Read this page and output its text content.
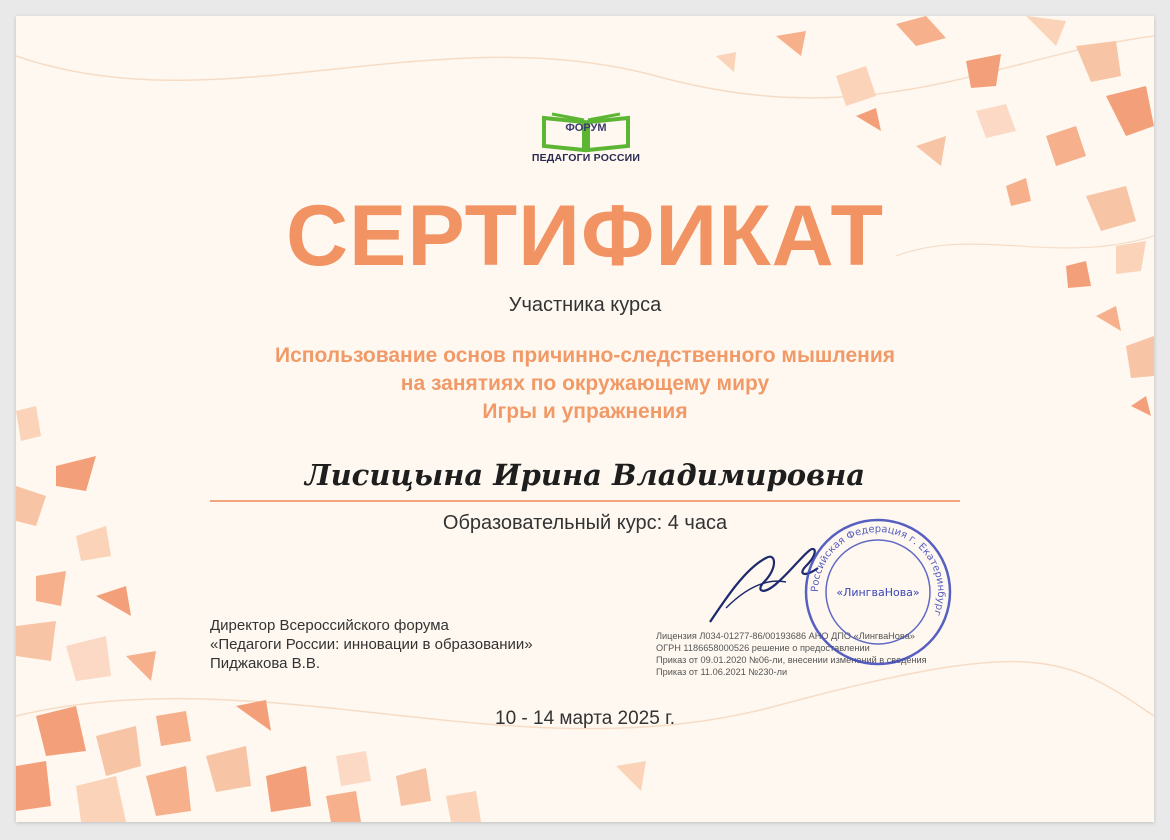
ФОРУМ
ПЕДАГОГИ РОССИИ
СЕРТИФИКАТ
Участника курса
Использование основ причинно-следственного мышления
на занятиях по окружающему миру
Игры и упражнения
Лисицына Ирина Владимировна
Образовательный курс: 4 часа
Директор Всероссийского форума
«Педагоги России: инновации в образовании»
Пиджакова В.В.
Лицензия Л034-01277-86/00193686 АНО ДПО «ЛингваНова»
ОГРН 1186658000526 решение о предоставлении
Приказ от 09.01.2020 №06-ли, внесении изменений в сведения
Приказ от 11.06.2021 №230-ли
Российская Федерация г. Екатеринбург
«ЛингваНова»
10 - 14 марта 2025 г.
